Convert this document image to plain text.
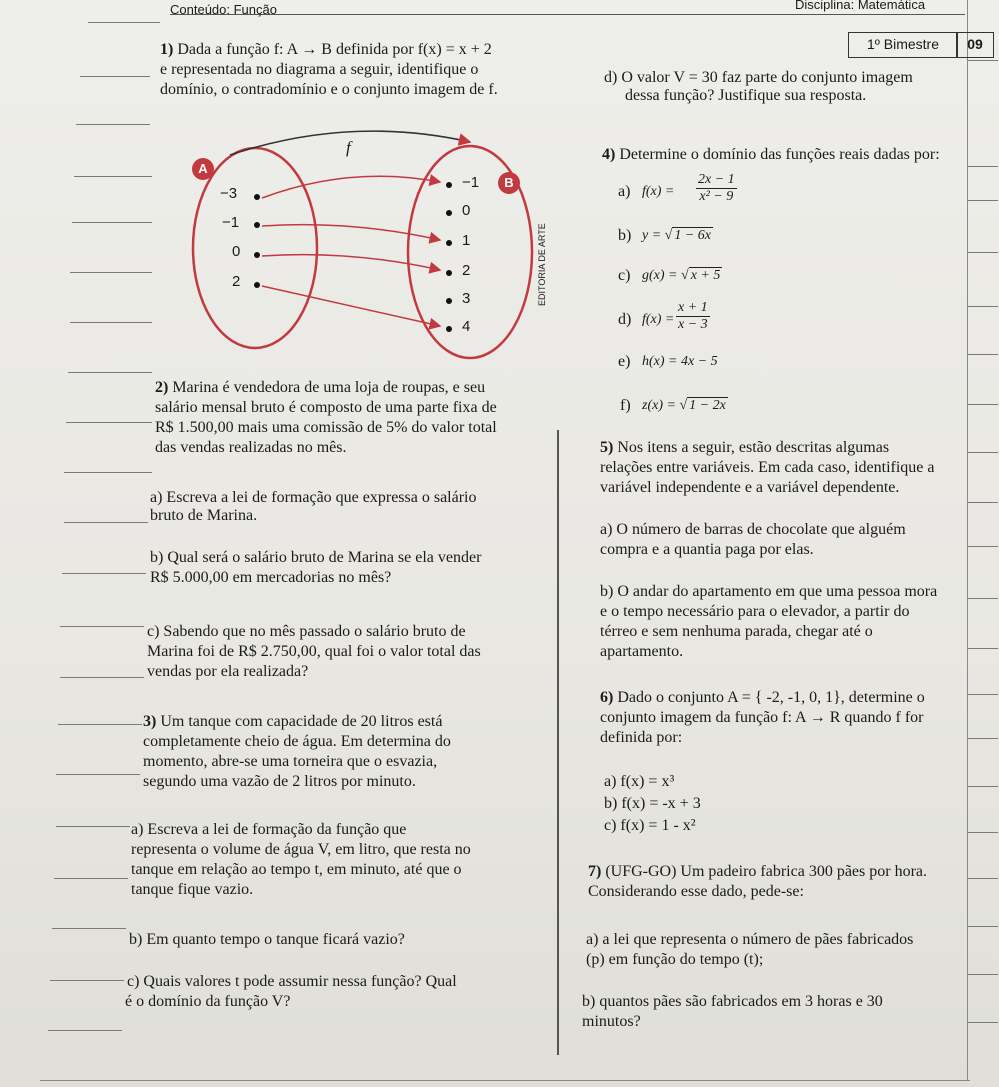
Conteúdo: Função	Disciplina: Matemática
1º Bimestre	09
1) Dada a função f: A → B definida por f(x) = x + 2
e representada no diagrama a seguir, identifique o
domínio, o contradomínio e o conjunto imagem de f.
f
A
B
−3
−1
0
2
−1
0
1
2
3
4
EDITORIA DE ARTE
d) O valor V = 30 faz parte do conjunto imagem
dessa função? Justifique sua resposta.
4) Determine o domínio das funções reais dadas por:
a) $f(x) = \frac{2x - 1}{\text{x² − 9}}$
b) y = √ 1 − 6x
c) g(x) = √ x + 5
d) $f(x) = \frac{x + 1}{x - 3}$
e) h(x) = 4x − 5
f) z(x) = √ 1 − 2x
2) Marina é vendedora de uma loja de roupas, e seu
salário mensal bruto é composto de uma parte fixa de
R$ 1.500,00 mais uma comissão de 5% do valor total
das vendas realizadas no mês.
a) Escreva a lei de formação que expressa o salário
bruto de Marina.
b) Qual será o salário bruto de Marina se ela vender
R$ 5.000,00 em mercadorias no mês?
c) Sabendo que no mês passado o salário bruto de
Marina foi de R$ 2.750,00, qual foi o valor total das
vendas por ela realizada?
3) Um tanque com capacidade de 20 litros está
completamente cheio de água. Em determina do
momento, abre-se uma torneira que o esvazia,
segundo uma vazão de 2 litros por minuto.
a) Escreva a lei de formação da função que
representa o volume de água V, em litro, que resta no
tanque em relação ao tempo t, em minuto, até que o
tanque fique vazio.
b) Em quanto tempo o tanque ficará vazio?
c) Quais valores t pode assumir nessa função? Qual
é o domínio da função V?
5) Nos itens a seguir, estão descritas algumas
relações entre variáveis. Em cada caso, identifique a
variável independente e a variável dependente.
a) O número de barras de chocolate que alguém
compra e a quantia paga por elas.
b) O andar do apartamento em que uma pessoa mora
e o tempo necessário para o elevador, a partir do
térreo e sem nenhuma parada, chegar até o
apartamento.
6) Dado o conjunto A = { -2, -1, 0, 1}, determine o
conjunto imagem da função f: A → R quando f for
definida por:
a) f(x) = x³
b) f(x) = -x + 3
c) f(x) = 1 - x²
7) (UFG-GO) Um padeiro fabrica 300 pães por hora.
Considerando esse dado, pede-se:
a) a lei que representa o número de pães fabricados
(p) em função do tempo (t);
b) quantos pães são fabricados em 3 horas e 30
minutos?
